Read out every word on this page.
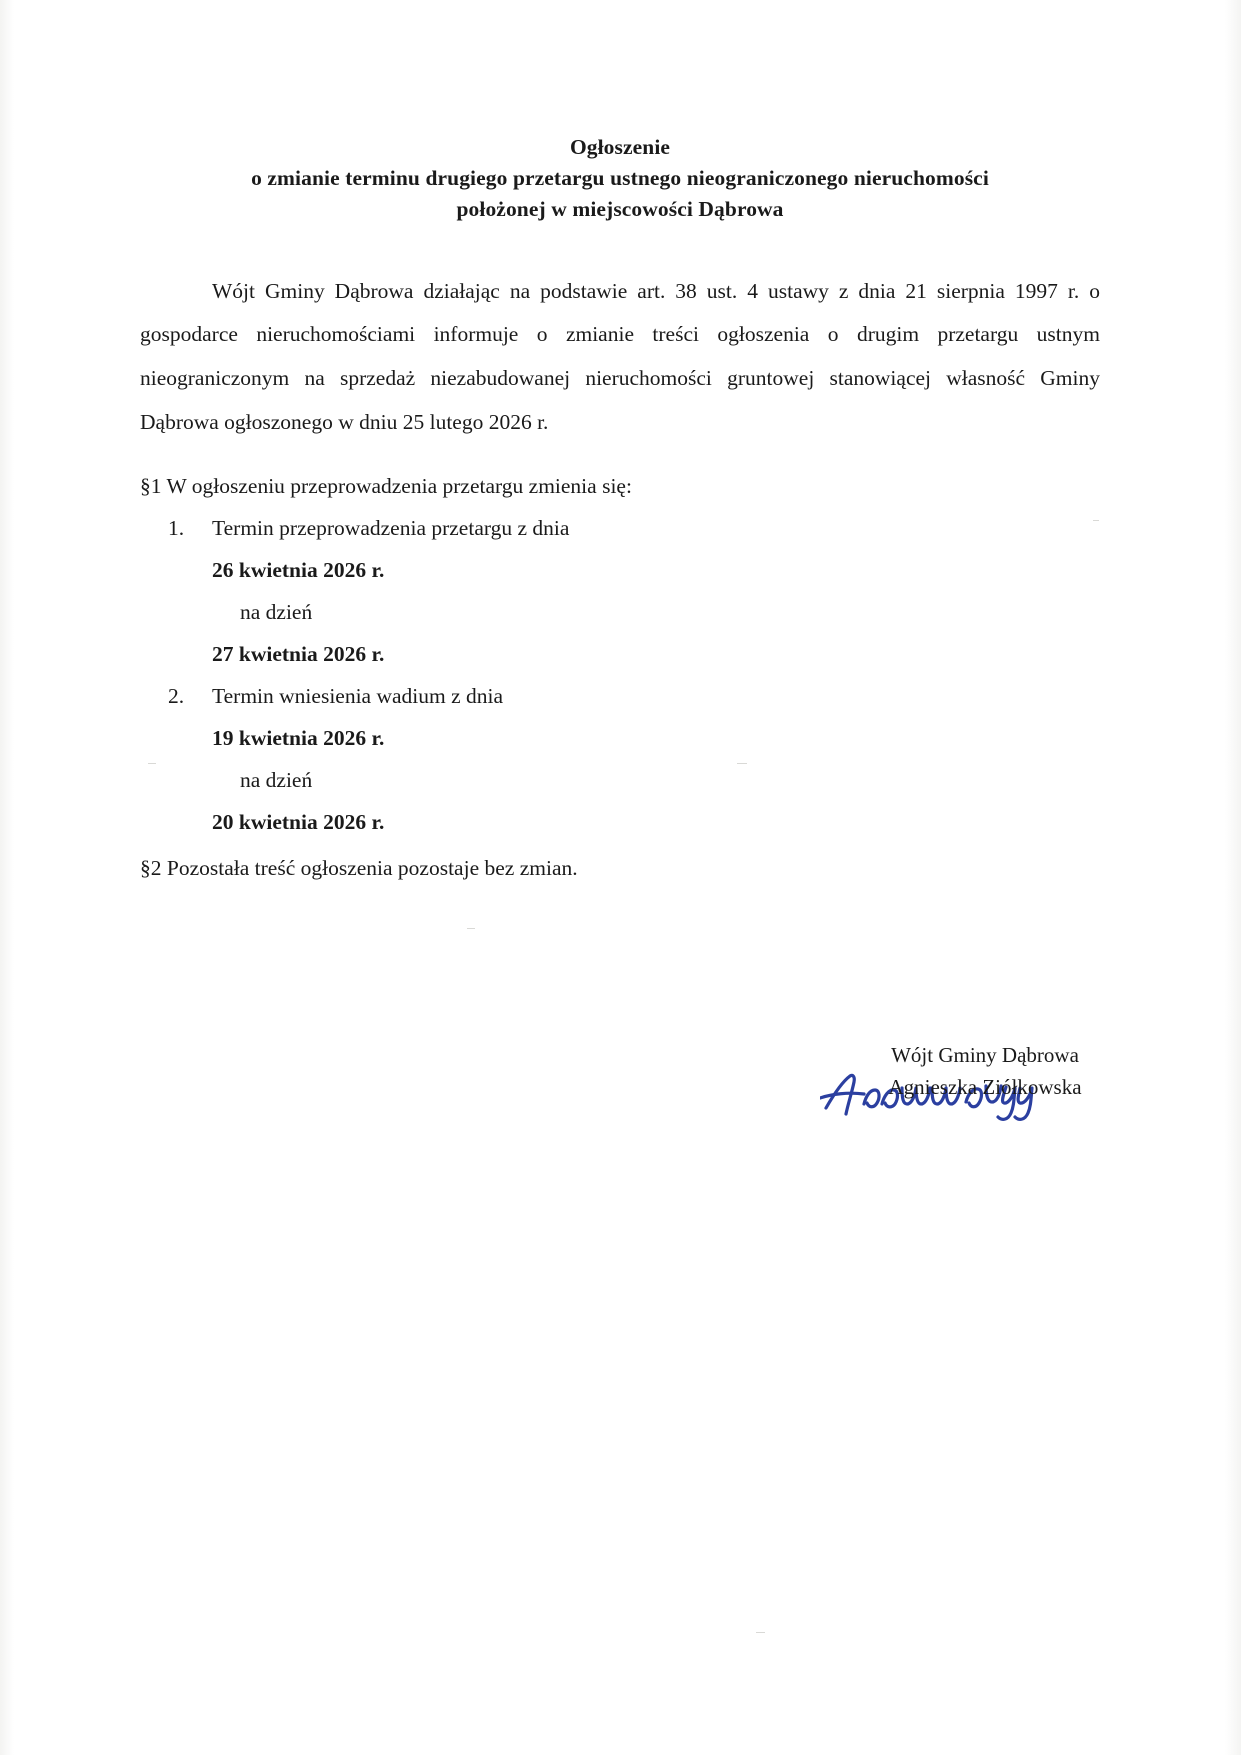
Ogłoszenie
o zmianie terminu drugiego przetargu ustnego nieograniczonego nieruchomości
położonej w miejscowości Dąbrowa

Wójt Gminy Dąbrowa działając na podstawie art. 38 ust. 4 ustawy z dnia 21 sierpnia 1997 r. o gospodarce nieruchomościami informuje o zmianie treści ogłoszenia o drugim przetargu ustnym nieograniczonym na sprzedaż niezabudowanej nieruchomości gruntowej stanowiącej własność Gminy Dąbrowa ogłoszonego w dniu 25 lutego 2026 r.

§1 W ogłoszeniu przeprowadzenia przetargu zmienia się:
1. Termin przeprowadzenia przetargu z dnia
26 kwietnia 2026 r.
na dzień
27 kwietnia 2026 r.
2. Termin wniesienia wadium z dnia
19 kwietnia 2026 r.
na dzień
20 kwietnia 2026 r.
§2 Pozostała treść ogłoszenia pozostaje bez zmian.
Wójt Gminy Dąbrowa
Agnieszka Ziółkowska
